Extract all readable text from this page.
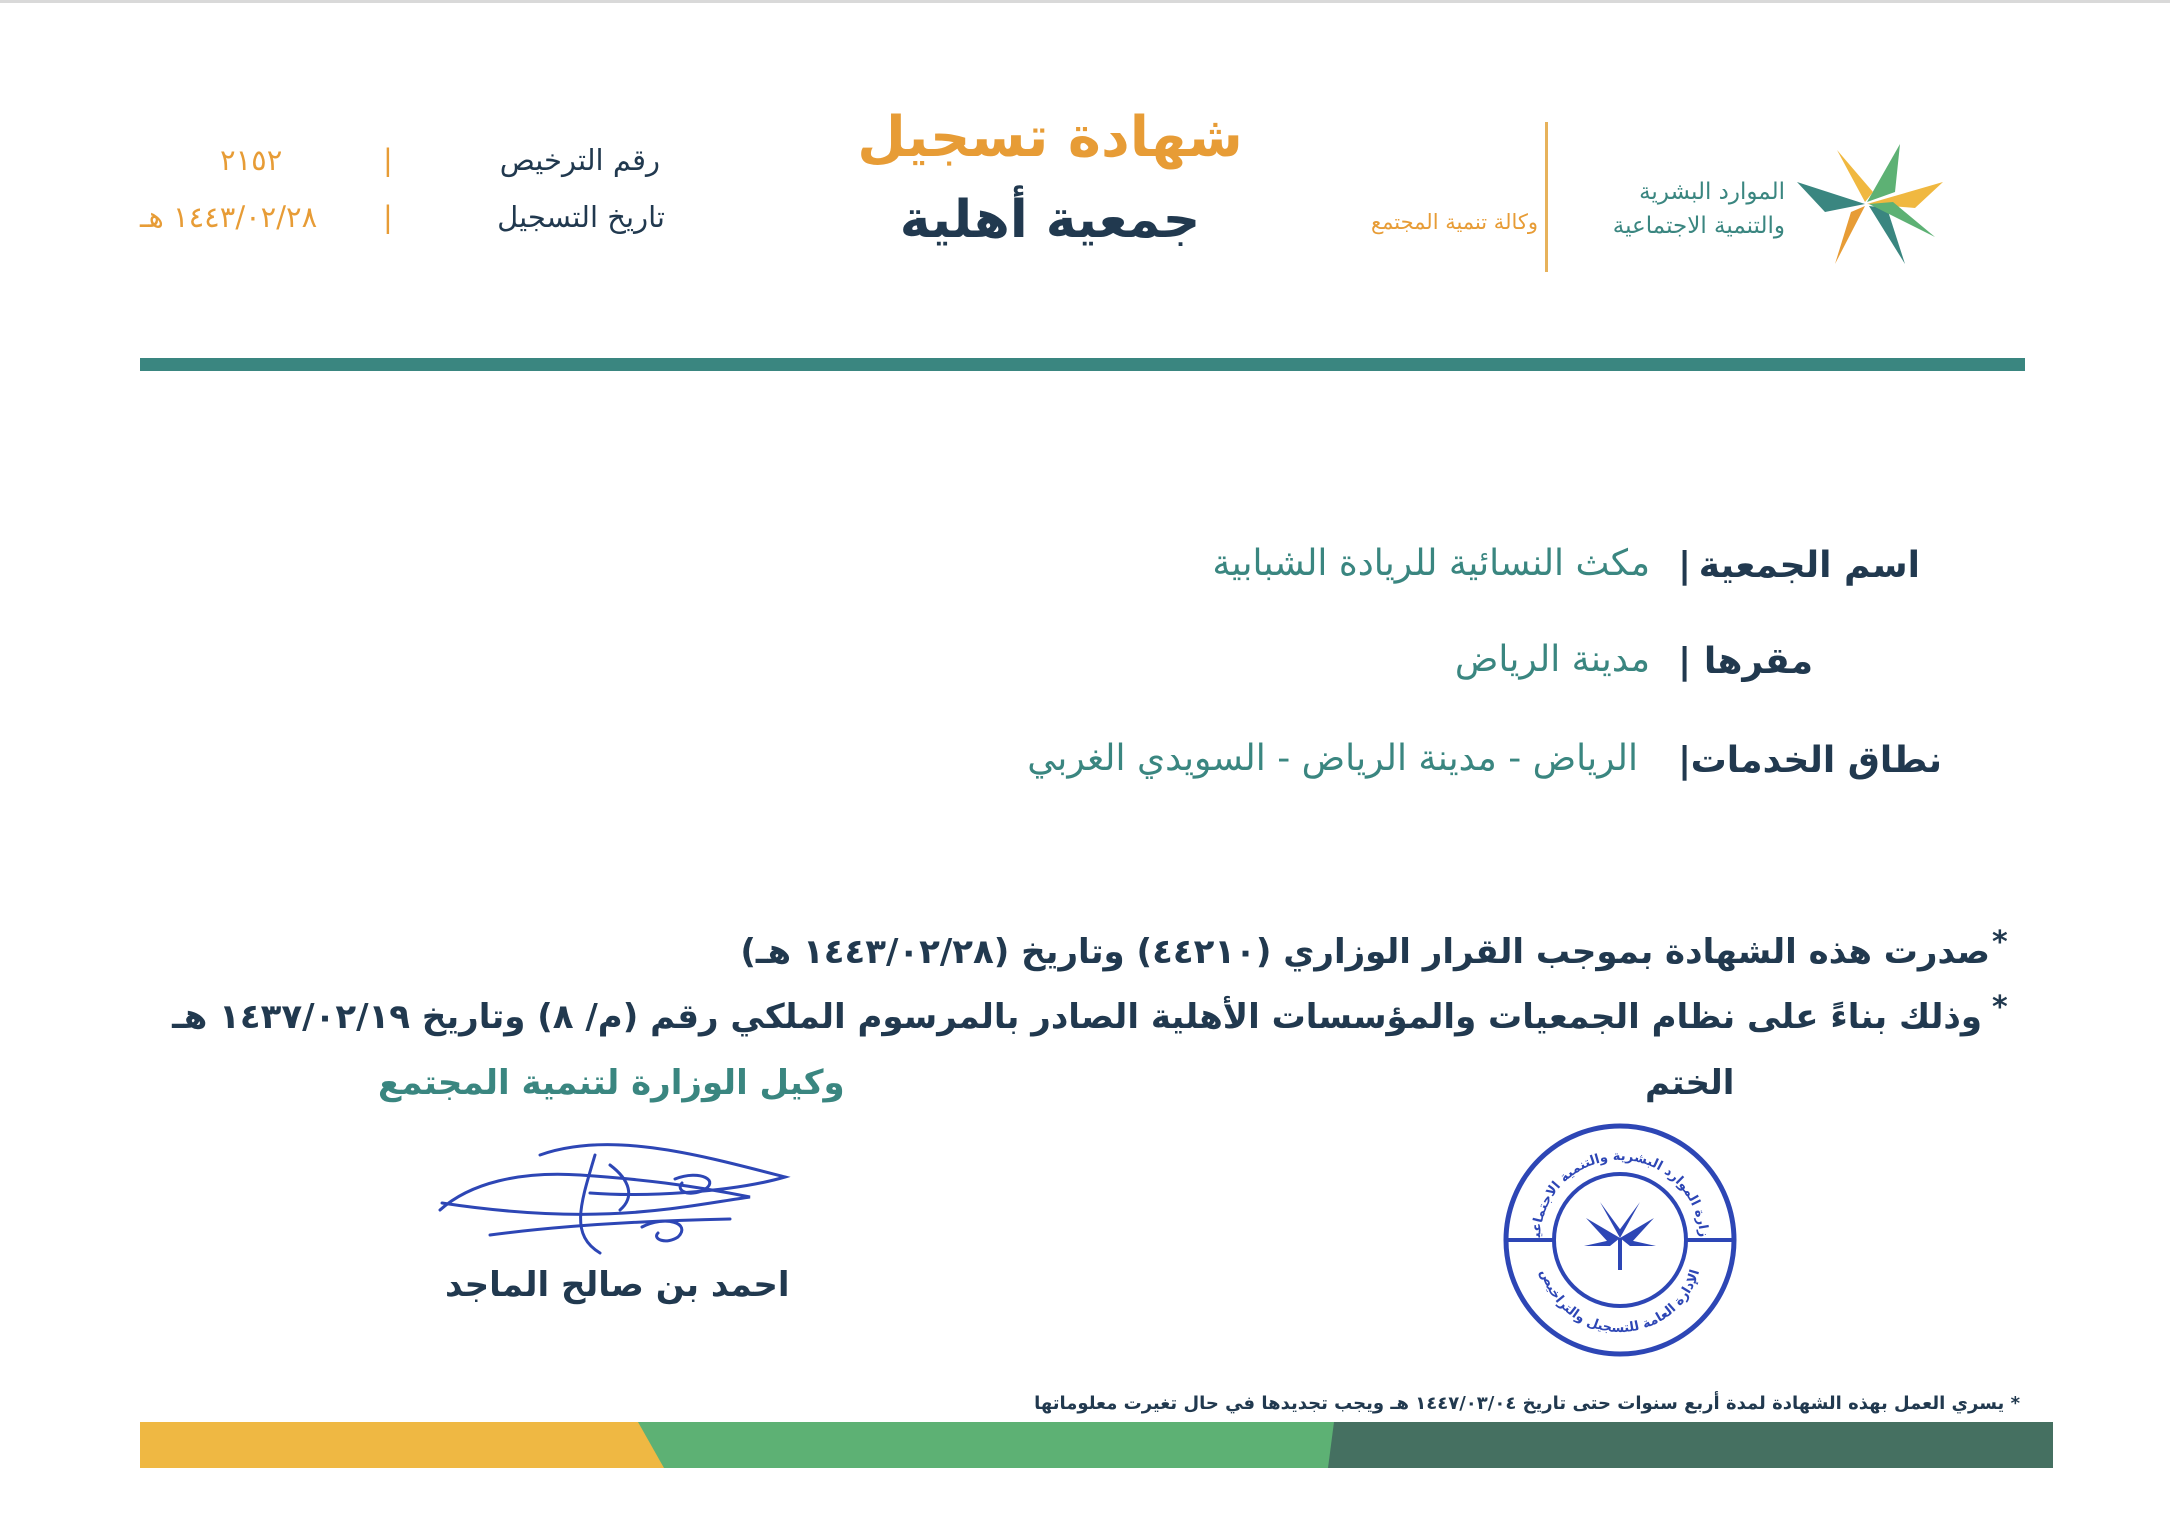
الموارد البشرية
والتنمية الاجتماعية
وكالة تنمية المجتمع
شهادة تسجيل
جمعية أهلية
رقم الترخيص
|
٢١٥٢
تاريخ التسجيل
|
١٤٤٣/٠٢/٢٨ هـ
اسم الجمعية
|
مكث النسائية للريادة الشبابية
مقرها
|
مدينة الرياض
نطاق الخدمات
|
الرياض - مدينة الرياض - السويدي الغربي
*
صدرت هذه الشهادة بموجب القرار الوزاري (٤٤٢١٠) وتاريخ (١٤٤٣/٠٢/٢٨ هـ)
*
وذلك بناءً على نظام الجمعيات والمؤسسات الأهلية الصادر بالمرسوم الملكي رقم (م/ ٨) وتاريخ ١٤٣٧/٠٢/١٩ هـ
الختم
وكيل الوزارة لتنمية المجتمع
احمد بن صالح الماجد
زارة الموارد البشرية والتنمية الاجتماعية
الإدارة العامة للتسجيل والتراخيص
* يسري العمل بهذه الشهادة لمدة أربع سنوات حتى تاريخ ١٤٤٧/٠٣/٠٤ هـ ويجب تجديدها في حال تغيرت معلوماتها
